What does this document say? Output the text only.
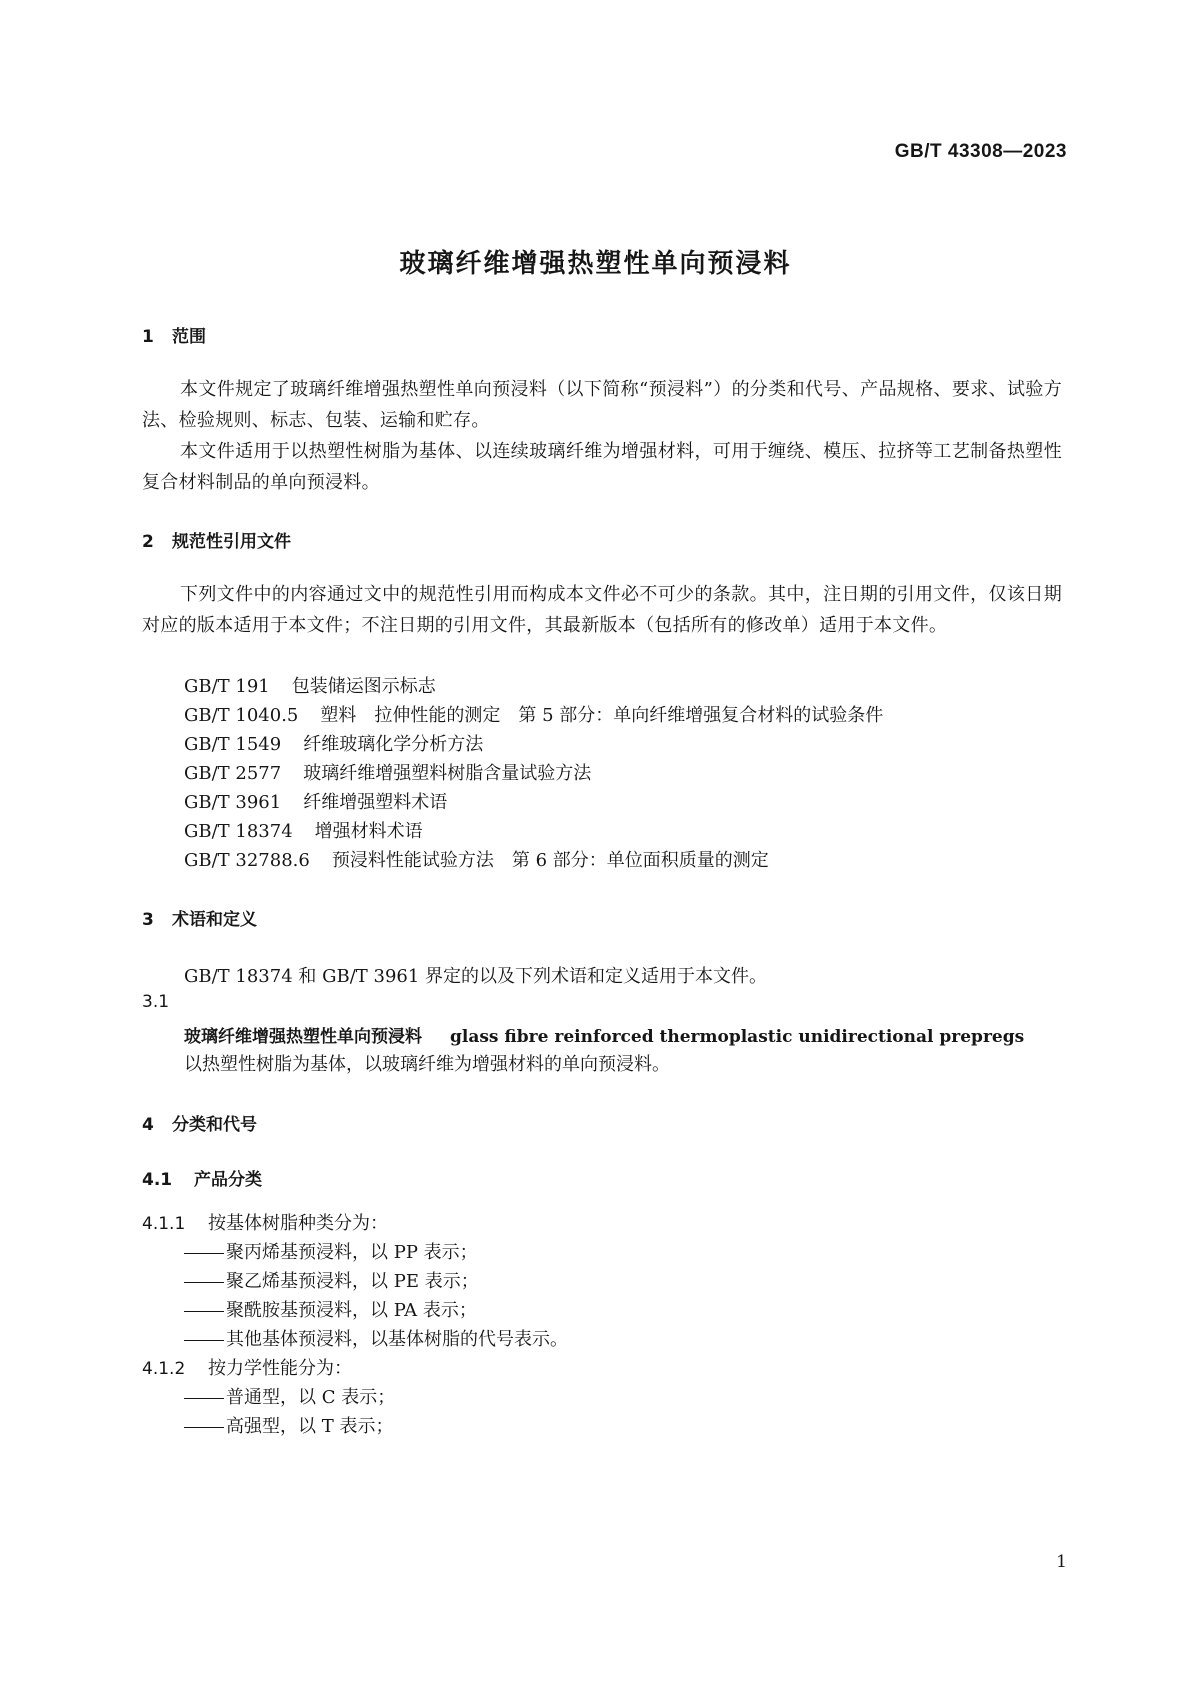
GB/T 43308—2023
玻璃纤维增强热塑性单向预浸料
1 范围
本文件规定了玻璃纤维增强热塑性单向预浸料（以下简称“预浸料”）的分类和代号、产品规格、要求、试验方法、检验规则、标志、包装、运输和贮存。
本文件适用于以热塑性树脂为基体、以连续玻璃纤维为增强材料，可用于缠绕、模压、拉挤等工艺制备热塑性复合材料制品的单向预浸料。
2 规范性引用文件
下列文件中的内容通过文中的规范性引用而构成本文件必不可少的条款。其中，注日期的引用文件，仅该日期对应的版本适用于本文件；不注日期的引用文件，其最新版本（包括所有的修改单）适用于本文件。
GB/T 191 包装储运图示标志
GB/T 1040.5 塑料　拉伸性能的测定　第 5 部分：单向纤维增强复合材料的试验条件
GB/T 1549 纤维玻璃化学分析方法
GB/T 2577 玻璃纤维增强塑料树脂含量试验方法
GB/T 3961 纤维增强塑料术语
GB/T 18374 增强材料术语
GB/T 32788.6 预浸料性能试验方法　第 6 部分：单位面积质量的测定
3 术语和定义
GB/T 18374 和 GB/T 3961 界定的以及下列术语和定义适用于本文件。
3.1
玻璃纤维增强热塑性单向预浸料 glass fibre reinforced thermoplastic unidirectional prepregs
以热塑性树脂为基体，以玻璃纤维为增强材料的单向预浸料。
4 分类和代号
4.1 产品分类
4.1.1 按基体树脂种类分为：
聚丙烯基预浸料，以 PP 表示；
聚乙烯基预浸料，以 PE 表示；
聚酰胺基预浸料，以 PA 表示；
其他基体预浸料，以基体树脂的代号表示。
4.1.2 按力学性能分为：
普通型，以 C 表示；
高强型，以 T 表示；
1
